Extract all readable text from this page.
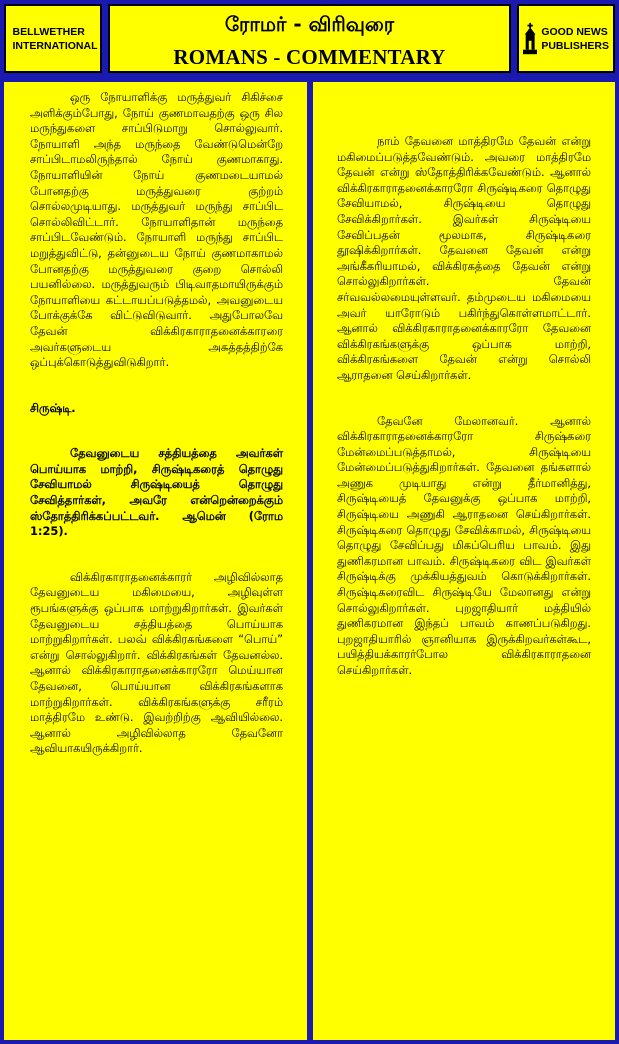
BELLWETHER
INTERNATIONAL
ரோமர் - விரிவுரை
ROMANS - COMMENTARY
GOOD NEWS
PUBLISHERS

ஒரு நோயாளிக்கு மருத்துவர் சிகிச்சை அளிக்கும்போது, நோய் குணமாவதற்கு ஒரு சில மருந்துகளை சாப்பிடுமாறு சொல்லுவார். நோயாளி அந்த மருந்தை வேண்டுமென்றே சாப்பிடாமலிருந்தால் நோய் குணமாகாது. நோயாளியின் நோய் குணமடையாமல் போனதற்கு மருத்துவரை குற்றம் சொல்லமுடியாது. மருத்துவர் மருந்து சாப்பிட சொல்லிவிட்டார். நோயாளிதான் மருந்தை சாப்பிடவேண்டும். நோயாளி மருந்து சாப்பிட மறுத்துவிட்டு, தன்னுடைய நோய் குணமாகாமல் போனதற்கு மருத்துவரை குறை சொல்லி பயனில்லை. மருத்துவரும் பிடிவாதமாயிருக்கும் நோயாளியை கட்டாயப்படுத்தமல், அவனுடைய போக்குக்கே விட்டுவிடுவார். அதுபோலவே தேவன் விக்கிரகாராதனைக்காரரை அவர்களுடைய அசுத்தத்திற்கே ஒப்புக்கொடுத்துவிடுகிறார்.

சிருஷ்டி.

தேவனுடைய சத்தியத்தை அவர்கள் பொய்யாக மாற்றி, சிருஷ்டிகரைத் தொழுது சேவியாமல் சிருஷ்டியைத் தொழுது சேவித்தார்கள், அவரே என்றென்றைக்கும் ஸ்தோத்திரிக்கப்பட்டவர். ஆமென் (ரோம 1:25).

விக்கிரகாராதனைக்காரர் அழிவில்லாத தேவனுடைய மகிமையை, அழிவுள்ள ரூபங்களுக்கு ஒப்பாக மாற்றுகிறார்கள். இவர்கள் தேவனுடைய சத்தியத்தை பொய்யாக மாற்றுகிறார்கள். பலவ் விக்கிரகங்களை “பொய்” என்று சொல்லுகிறார். விக்கிரகங்கள் தேவனல்ல. ஆனால் விக்கிரகாராதனைக்காரரோ மெய்யான தேவனை, பொய்யான விக்கிரகங்களாக மாற்றுகிறார்கள். விக்கிரகங்களுக்கு சரீரம் மாத்திரமே உண்டு. இவற்றிற்கு ஆவியில்லை. ஆனால் அழிவில்லாத தேவனோ ஆவியாகயிருக்கிறார்.

நாம் தேவனை மாத்திரமே தேவன் என்று மகிமைப்படுத்தவேண்டும். அவரை மாத்திரமே தேவன் என்று ஸ்தோத்திரிக்கவேண்டும். ஆனால் விக்கிரகாராதனைக்காரரோ சிருஷ்டிகரை தொழுது சேவியாமல், சிருஷ்டியை தொழுது சேவிக்கிறார்கள். இவர்கள் சிருஷ்டியை சேவிப்பதன் மூலமாக, சிருஷ்டிகரை தூஷிக்கிறார்கள். தேவனை தேவன் என்று அங்கீகரியாமல், விக்கிரகத்தை தேவன் என்று சொல்லுகிறார்கள். தேவன் சர்வவல்லமையுள்ளவர். தம்முடைய மகிமையை அவர் யாரோடும் பகிர்ந்துகொள்ளமாட்டார். ஆனால் விக்கிரகாராதனைக்காரரோ தேவனை விக்கிரகங்களுக்கு ஒப்பாக மாற்றி, விக்கிரகங்களை தேவன் என்று சொல்லி ஆராதனை செய்கிறார்கள்.

தேவனே மேலானவர். ஆனால் விக்கிரகாராதனைக்காரரோ சிருஷ்கரை மேன்மைப்படுத்தாமல், சிருஷ்டியை மேன்மைப்படுத்துகிறார்கள். தேவனை தங்களால் அணுக முடியாது என்று தீர்மானித்து, சிருஷ்டியைத் தேவனுக்கு ஒப்பாக மாற்றி, சிருஷ்டியை அணுகி ஆராதனை செய்கிறார்கள். சிருஷ்டிகரை தொழுது சேவிக்காமல், சிருஷ்டியை தொழுது சேவிப்பது மிகப்பெரிய பாவம். இது துணிகரமான பாவம். சிருஷ்டிகரை விட இவர்கள் சிருஷ்டிக்கு முக்கியத்துவம் கொடுக்கிறார்கள். சிருஷ்டிகரைவிட சிருஷ்டியே மேலானது என்று சொல்லுகிறார்கள். புறஜாதியார் மத்தியில் துணிகரமான இந்தப் பாவம் காணப்படுகிறது. புறஜாதியாரில் ஞானியாக இருக்கிறவர்கள்கூட, பயித்தியக்காரர்போல விக்கிரகாராதனை செய்கிறார்கள்.
